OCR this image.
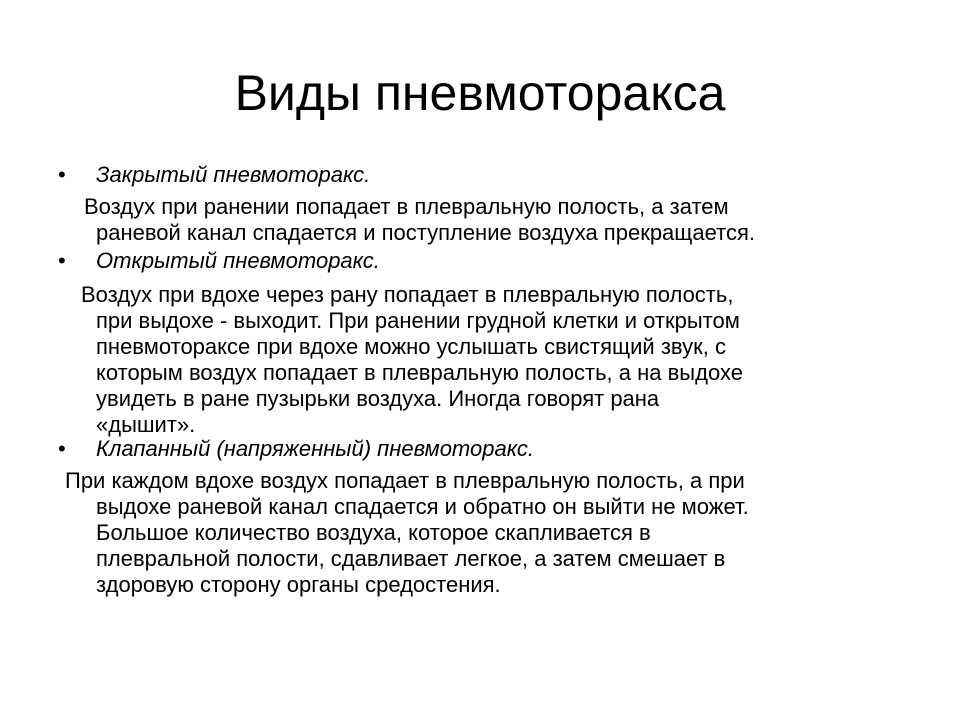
Виды пневмоторакса
• Закрытый пневмоторакс.
Воздух при ранении попадает в плевральную полость, а затем
раневой канал спадается и поступление воздуха прекращается.
• Открытый пневмоторакс.
Воздух при вдохе через рану попадает в плевральную полость,
при выдохе - выходит. При ранении грудной клетки и открытом
пневмотораксе при вдохе можно услышать свистящий звук, с
которым воздух попадает в плевральную полость, а на выдохе
увидеть в ране пузырьки воздуха. Иногда говорят рана
«дышит».
• Клапанный (напряженный) пневмоторакс.
При каждом вдохе воздух попадает в плевральную полость, а при
выдохе раневой канал спадается и обратно он выйти не может.
Большое количество воздуха, которое скапливается в
плевральной полости, сдавливает легкое, а затем смешает в
здоровую сторону органы средостения.
